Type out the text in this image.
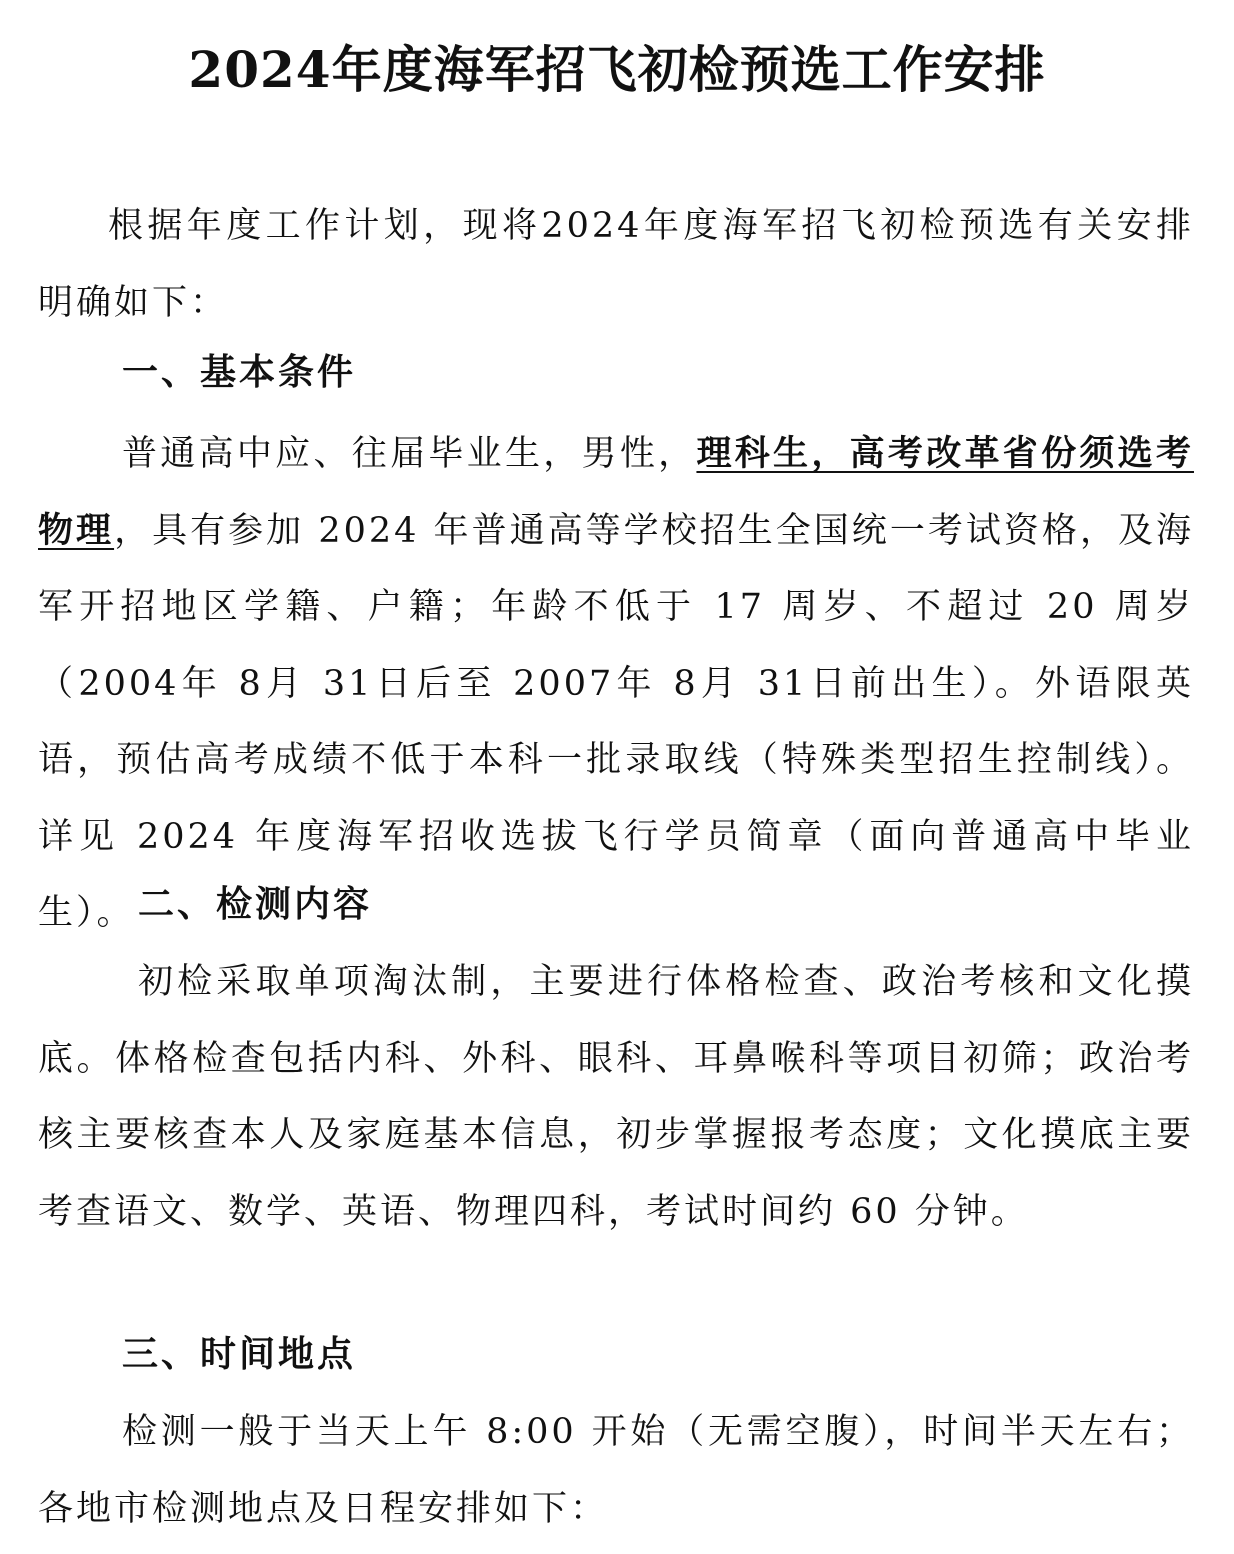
2024年度海军招飞初检预选工作安排
根据年度工作计划，现将2024年度海军招飞初检预选有关安排明确如下：
一、基本条件
普通高中应、往届毕业生，男性，理科生，高考改革省份须选考物理，具有参加 2024 年普通高等学校招生全国统一考试资格，及海军开招地区学籍、户籍；年龄不低于 17 周岁、不超过 20 周岁（2004年 8月 31日后至 2007年 8月 31日前出生）。外语限英语，预估高考成绩不低于本科一批录取线（特殊类型招生控制线）。详见 2024 年度海军招收选拔飞行学员简章（面向普通高中毕业生）。 二、检测内容
初检采取单项淘汰制，主要进行体格检查、政治考核和文化摸底。体格检查包括内科、外科、眼科、耳鼻喉科等项目初筛；政治考核主要核查本人及家庭基本信息，初步掌握报考态度；文化摸底主要考查语文、数学、英语、物理四科，考试时间约 60 分钟。
三、时间地点
检测一般于当天上午 8:00 开始（无需空腹），时间半天左右；各地市检测地点及日程安排如下：
